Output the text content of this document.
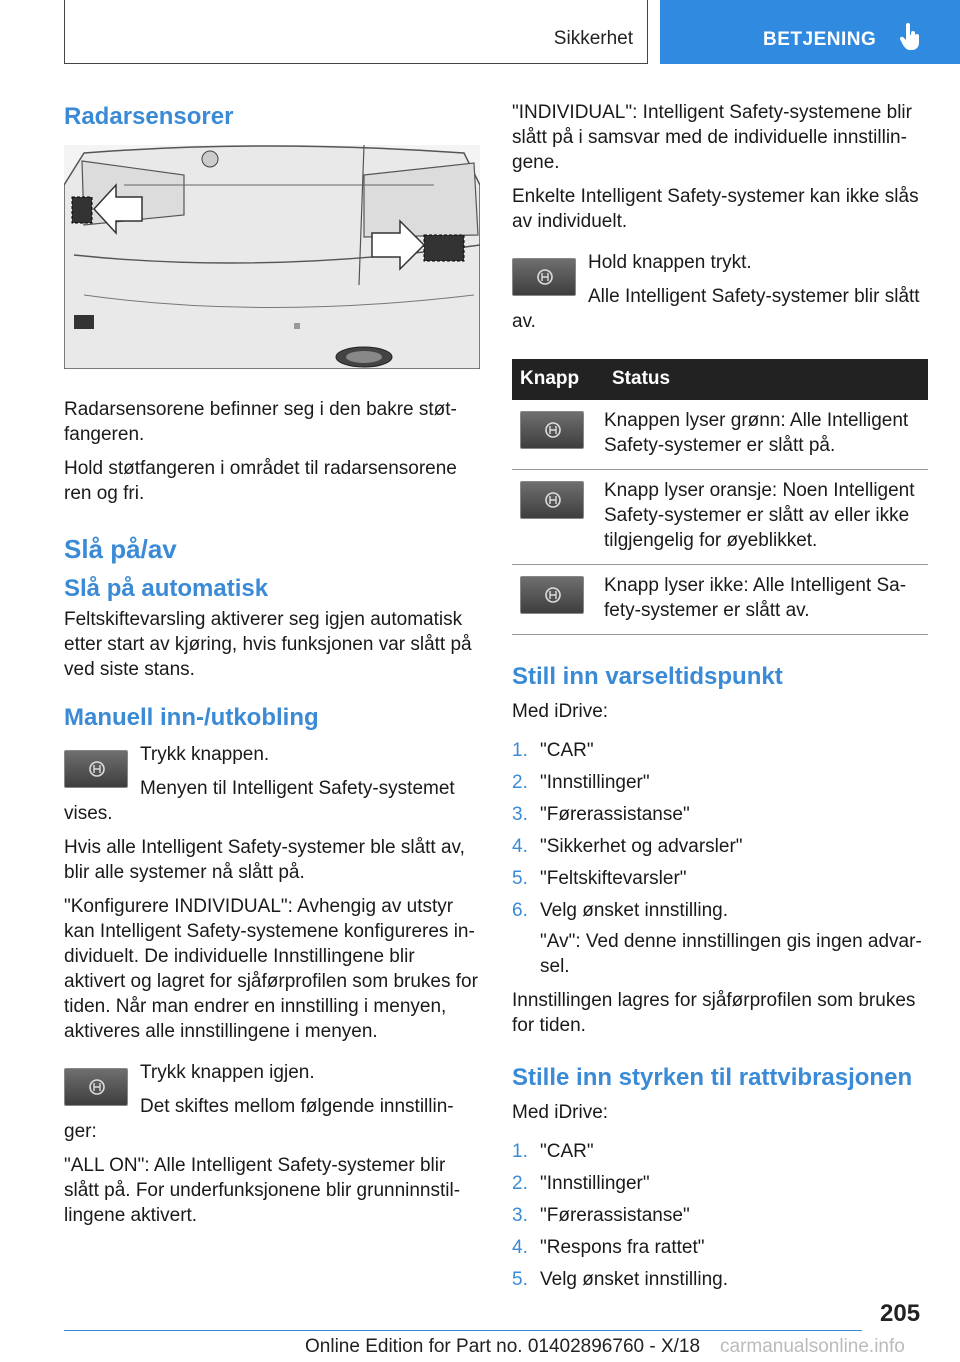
Sikkerhet	BETJENING
Radarsensorer

Radarsensorene befinner seg i den bakre støt-fangeren.

Hold støtfangeren i området til radarsensorene ren og fri.

Slå på/av
Slå på automatisk

Feltskiftevarsling aktiverer seg igjen automatisk etter start av kjøring, hvis funksjonen var slått på ved siste stans.

Manuell inn-/utkobling

Trykk knappen.

Menyen til Intelligent Safety-systemet vises.

Hvis alle Intelligent Safety-systemer ble slått av, blir alle systemer nå slått på.

"Konfigurere INDIVIDUAL": Avhengig av utstyr kan Intelligent Safety-systemene konfigureres in-dividuelt. De individuelle Innstillingene blir aktivert og lagret for sjåførprofilen som brukes for tiden. Når man endrer en innstilling i menyen, aktiveres alle innstillingene i menyen.

Trykk knappen igjen.

Det skiftes mellom følgende innstillin-ger:

"ALL ON": Alle Intelligent Safety-systemer blir slått på. For underfunksjonene blir grunninnstil-lingene aktivert.

"INDIVIDUAL": Intelligent Safety-systemene blir slått på i samsvar med de individuelle innstillin-gene.

Enkelte Intelligent Safety-systemer kan ikke slås av individuelt.

Hold knappen trykt.

Alle Intelligent Safety-systemer blir slått av.

Knapp	Status

	Knappen lyser grønn: Alle Intelligent Safety-systemer er slått på.

	Knapp lyser oransje: Noen Intelligent Safety-systemer er slått av eller ikke tilgjengelig for øyeblikket.

	Knapp lyser ikke: Alle Intelligent Sa-fety-systemer er slått av.
Still inn varseltidspunkt

Med iDrive:

1. "CAR"
2. "Innstillinger"
3. "Førerassistanse"
4. "Sikkerhet og advarsler"
5. "Feltskiftevarsler"
6. Velg ønsket innstilling.

"Av": Ved denne innstillingen gis ingen advar-sel.

Innstillingen lagres for sjåførprofilen som brukes for tiden.

Stille inn styrken til rattvibrasjonen

Med iDrive:

1. "CAR"
2. "Innstillinger"
3. "Førerassistanse"
4. "Respons fra rattet"
5. Velg ønsket innstilling.
205
Online Edition for Part no. 01402896760 - X/18 carmanualsonline.info
